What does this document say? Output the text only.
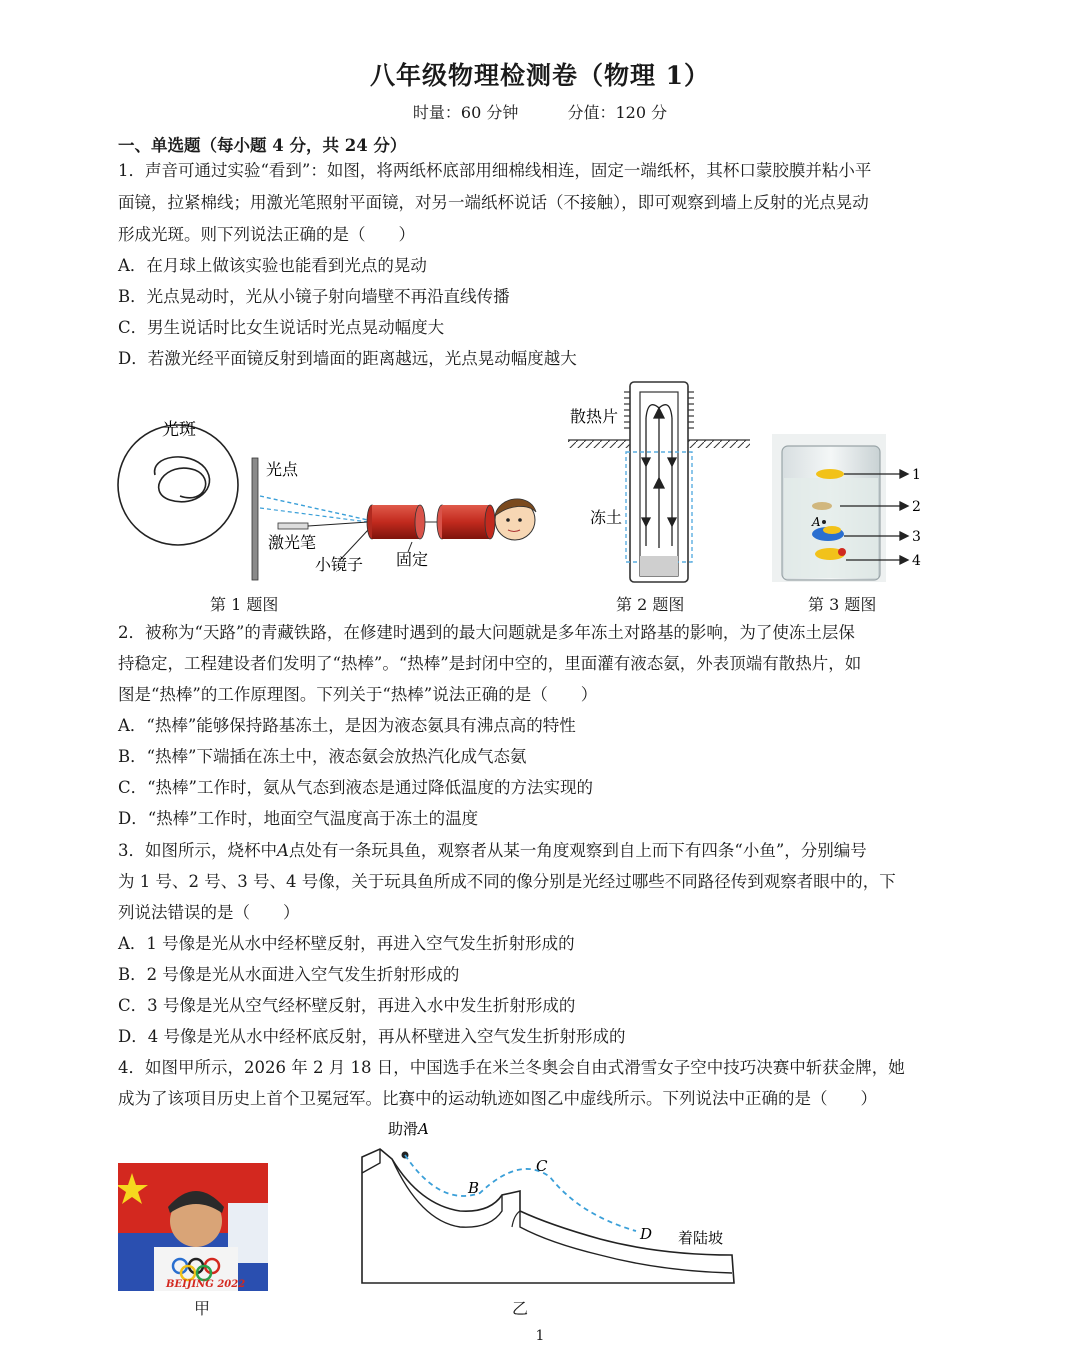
八年级物理检测卷（物理 1）
时量：60 分钟	分值：120 分
一、单选题（每小题 4 分，共 24 分）
1．声音可通过实验“看到”：如图，将两纸杯底部用细棉线相连，固定一端纸杯，其杯口蒙胶膜并粘小平
面镜，拉紧棉线；用激光笔照射平面镜，对另一端纸杯说话（不接触），即可观察到墙上反射的光点晃动
形成光斑。则下列说法正确的是（　　）
A．在月球上做该实验也能看到光点的晃动
B．光点晃动时，光从小镜子射向墙壁不再沿直线传播
C．男生说话时比女生说话时光点晃动幅度大
D．若激光经平面镜反射到墙面的距离越远，光点晃动幅度越大
光斑
光点
激光笔
小镜子 固定
第 1 题图
散热片
冻土
第 2 题图
A
1
2
3
4
第 3 题图
2．被称为“天路”的青藏铁路，在修建时遇到的最大问题就是多年冻土对路基的影响，为了使冻土层保
持稳定，工程建设者们发明了“热棒”。“热棒”是封闭中空的，里面灌有液态氨，外表顶端有散热片，如
图是“热棒”的工作原理图。下列关于“热棒”说法正确的是（　　）
A．“热棒”能够保持路基冻土，是因为液态氨具有沸点高的特性
B．“热棒”下端插在冻土中，液态氨会放热汽化成气态氨
C．“热棒”工作时，氨从气态到液态是通过降低温度的方法实现的
D．“热棒”工作时，地面空气温度高于冻土的温度
3．如图所示，烧杯中A点处有一条玩具鱼，观察者从某一角度观察到自上而下有四条“小鱼”，分别编号
为 1 号、2 号、3 号、4 号像，关于玩具鱼所成不同的像分别是光经过哪些不同路径传到观察者眼中的，下
列说法错误的是（　　）
A．1 号像是光从水中经杯壁反射，再进入空气发生折射形成的
B．2 号像是光从水面进入空气发生折射形成的
C．3 号像是光从空气经杯壁反射，再进入水中发生折射形成的
D．4 号像是光从水中经杯底反射，再从杯壁进入空气发生折射形成的
4．如图甲所示，2026 年 2 月 18 日，中国选手在米兰冬奥会自由式滑雪女子空中技巧决赛中斩获金牌，她
成为了该项目历史上首个卫冕冠军。比赛中的运动轨迹如图乙中虚线所示。下列说法中正确的是（　　）
BEIJING 2022
甲
助滑A
B
C
D 着陆坡
乙
1
